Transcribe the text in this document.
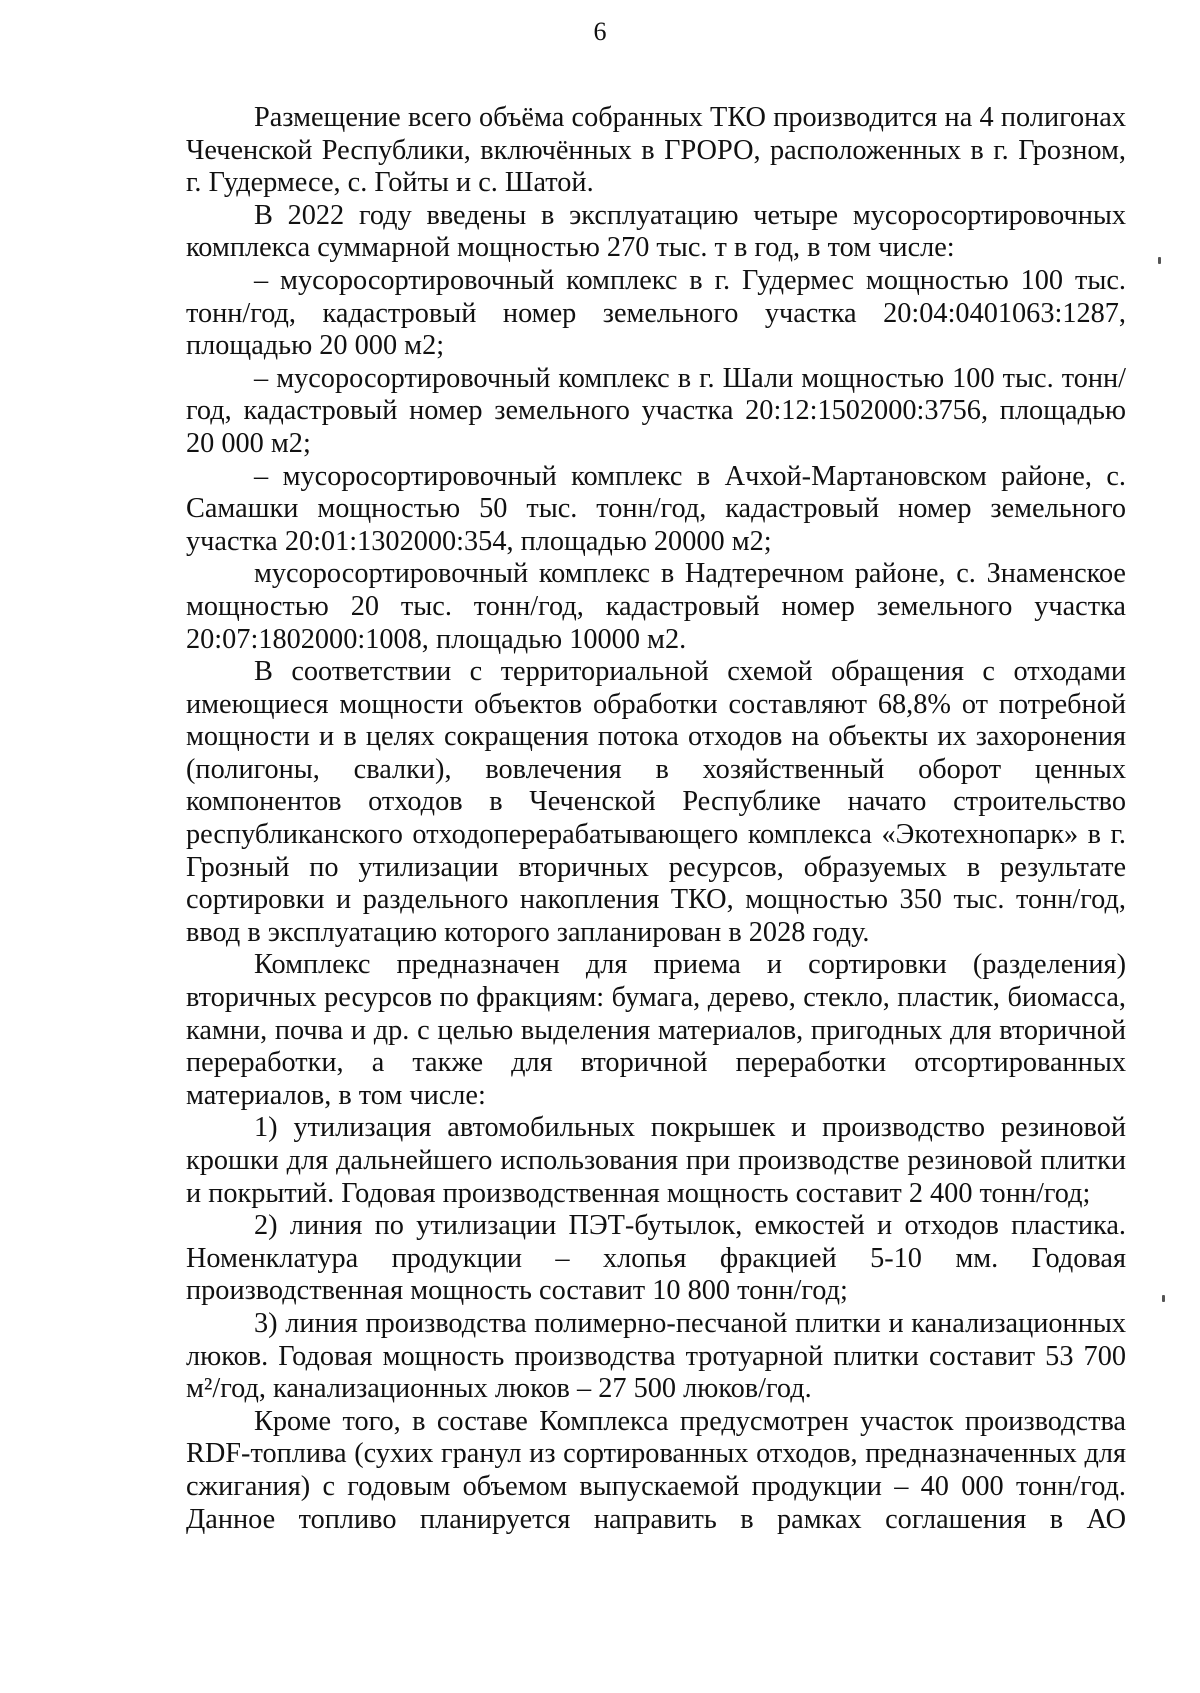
6

Размещение всего объёма собранных ТКО производится на 4 полигонах Чеченской Республики, включённых в ГРОРО, расположенных в г. Грозном, г. Гудермесе, с. Гойты и с. Шатой.

В 2022 году введены в эксплуатацию четыре мусоросортировочных комплекса суммарной мощностью 270 тыс. т в год, в том числе:

– мусоросортировочный комплекс в г. Гудермес мощностью 100 тыс. тонн/год, кадастровый номер земельного участка 20:04:0401063:1287, площадью 20 000 м2;

– мусоросортировочный комплекс в г. Шали мощностью 100 тыс. тонн/год, кадастровый номер земельного участка 20:12:1502000:3756, площадью 20 000 м2;

– мусоросортировочный комплекс в Ачхой-Мартановском районе, с. Самашки мощностью 50 тыс. тонн/год, кадастровый номер земельного участка 20:01:1302000:354, площадью 20000 м2;

мусоросортировочный комплекс в Надтеречном районе, с. Знаменское мощностью 20 тыс. тонн/год, кадастровый номер земельного участка 20:07:1802000:1008, площадью 10000 м2.

В соответствии с территориальной схемой обращения с отходами имеющиеся мощности объектов обработки составляют 68,8% от потребной мощности и в целях сокращения потока отходов на объекты их захоронения (полигоны, свалки), вовлечения в хозяйственный оборот ценных компонентов отходов в Чеченской Республике начато строительство республиканского отходоперерабатывающего комплекса «Экотехнопарк» в г. Грозный по утилизации вторичных ресурсов, образуемых в результате сортировки и раздельного накопления ТКО, мощностью 350 тыс. тонн/год, ввод в эксплуатацию которого запланирован в 2028 году.

Комплекс предназначен для приема и сортировки (разделения) вторичных ресурсов по фракциям: бумага, дерево, стекло, пластик, биомасса, камни, почва и др. с целью выделения материалов, пригодных для вторичной переработки, а также для вторичной переработки отсортированных материалов, в том числе:

1) утилизация автомобильных покрышек и производство резиновой крошки для дальнейшего использования при производстве резиновой плитки и покрытий. Годовая производственная мощность составит 2 400 тонн/год;

2) линия по утилизации ПЭТ-бутылок, емкостей и отходов пластика. Номенклатура продукции – хлопья фракцией 5-10 мм. Годовая производственная мощность составит 10 800 тонн/год;

3) линия производства полимерно-песчаной плитки и канализационных люков. Годовая мощность производства тротуарной плитки составит 53 700 м²/год, канализационных люков – 27 500 люков/год.

Кроме того, в составе Комплекса предусмотрен участок производства RDF-топлива (сухих гранул из сортированных отходов, предназначенных для сжигания) с годовым объемом выпускаемой продукции – 40 000 тонн/год. Данное топливо планируется направить в рамках соглашения в АО
